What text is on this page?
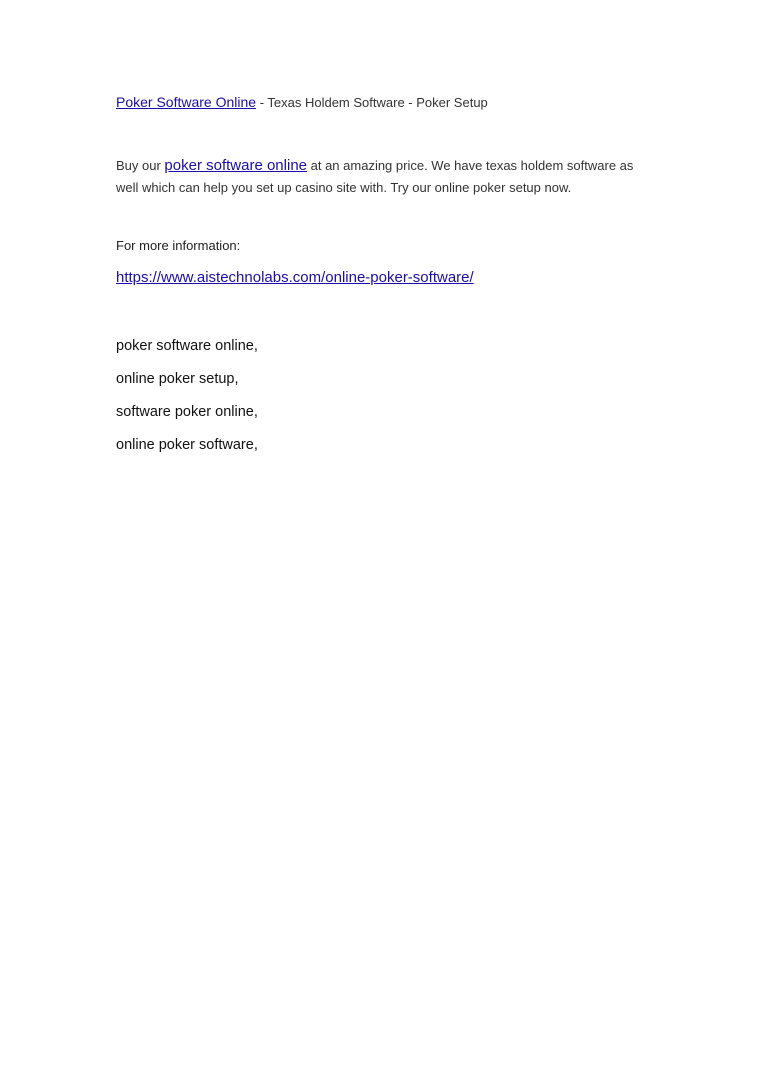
Poker Software Online - Texas Holdem Software - Poker Setup
Buy our poker software online at an amazing price. We have texas holdem software as
well which can help you set up casino site with. Try our online poker setup now.
For more information:
https://www.aistechnolabs.com/online-poker-software/
poker software online,
online poker setup,
software poker online,
online poker software,
